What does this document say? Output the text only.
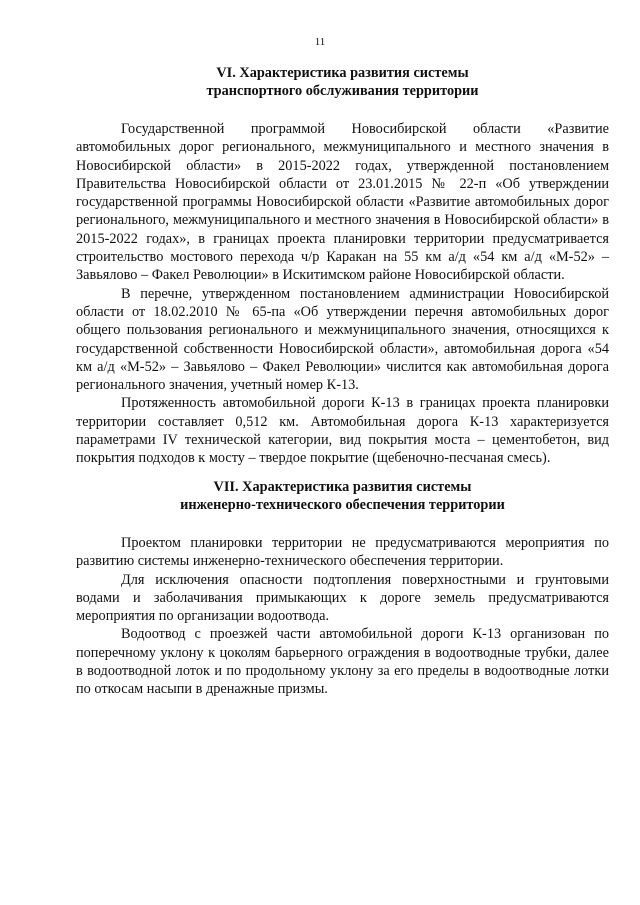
11
VI. Характеристика развития системы
транспортного обслуживания территории

Государственной программой Новосибирской области «Развитие автомобильных дорог регионального, межмуниципального и местного значения в Новосибирской области» в 2015-2022 годах, утвержденной постановлением Правительства Новосибирской области от 23.01.2015 № 22-п «Об утверждении государственной программы Новосибирской области «Развитие автомобильных дорог регионального, межмуниципального и местного значения в Новосибирской области» в 2015-2022 годах», в границах проекта планировки территории предусматривается строительство мостового перехода ч/р Каракан на 55 км а/д «54 км а/д «М-52» – Завьялово – Факел Революции» в Искитимском районе Новосибирской области.

В перечне, утвержденном постановлением администрации Новосибирской области от 18.02.2010 № 65-па «Об утверждении перечня автомобильных дорог общего пользования регионального и межмуниципального значения, относящихся к государственной собственности Новосибирской области», автомобильная дорога «54 км а/д «М-52» – Завьялово – Факел Революции» числится как автомобильная дорога регионального значения, учетный номер К-13.

Протяженность автомобильной дороги К-13 в границах проекта планировки территории составляет 0,512 км. Автомобильная дорога К-13 характеризуется параметрами IV технической категории, вид покрытия моста – цементобетон, вид покрытия подходов к мосту – твердое покрытие (щебеночно-песчаная смесь).

VII. Характеристика развития системы
инженерно-технического обеспечения территории

Проектом планировки территории не предусматриваются мероприятия по развитию системы инженерно-технического обеспечения территории.

Для исключения опасности подтопления поверхностными и грунтовыми водами и заболачивания примыкающих к дороге земель предусматриваются мероприятия по организации водоотвода.

Водоотвод с проезжей части автомобильной дороги К-13 организован по поперечному уклону к цоколям барьерного ограждения в водоотводные трубки, далее в водоотводной лоток и по продольному уклону за его пределы в водоотводные лотки по откосам насыпи в дренажные призмы.
